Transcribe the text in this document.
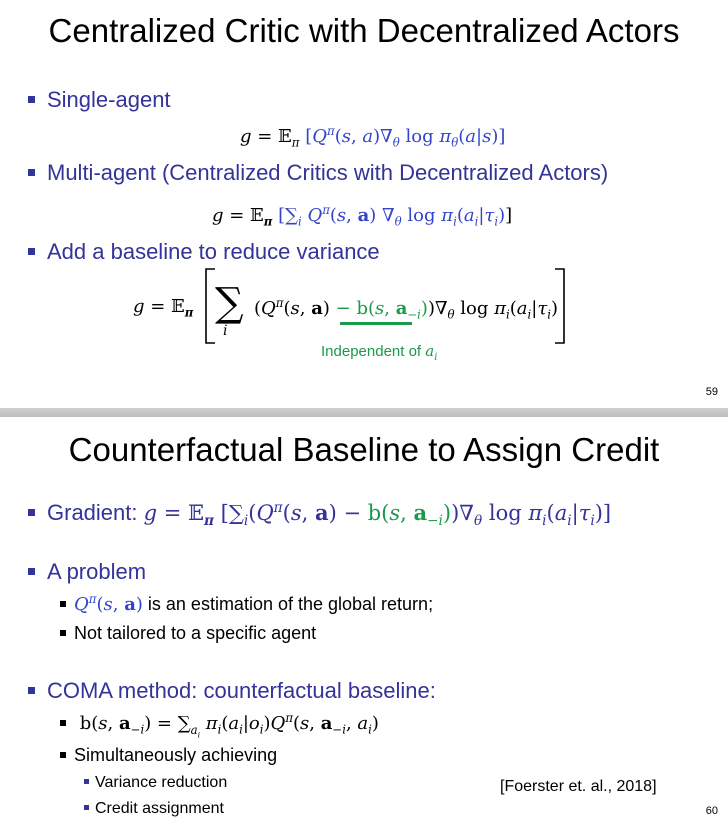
Centralized Critic with Decentralized Actors
Single-agent
g = 𝔼$_\pi$ [$Q^\pi(s$, $a)\nabla_\theta$ $\log \pi_\theta(a|s)$]
Multi-agent (Centralized Critics with Decentralized Actors)
g = 𝔼$_\pi$ [$\sum_i$ $Q^\pi(s$, a) $\nabla_\theta$ $\log \pi_i(a_i|\tau_i)$]
Add a baseline to reduce variance
g = 𝔼$_\pi$ ∑
i
($Q^\pi(s$, a) − b(s, $a_{-i}))\nabla_\theta$ $\log \pi_i(a_i|\tau_i)$
Independent of $a_i$
59
Counterfactual Baseline to Assign Credit
Gradient: g = 𝔼$_\pi$ [$\sum_i(Q^\pi(s$, a) − b(s, $a_{-i}))\nabla_\theta$ $\log \pi_i(a_i|\tau_i)$]
A problem
$Q^\pi(s$, a) is an estimation of the global return;
Not tailored to a specific agent
COMA method: counterfactual baseline:
b(s, $a_{-i}) = \sum_{a_i}$ $\pi_i(a_i|o_i)Q^\pi(s$, $a_{-i}$, $a_i$)
Simultaneously achieving
Variance reduction
Credit assignment
[Foerster et. al., 2018]
60
